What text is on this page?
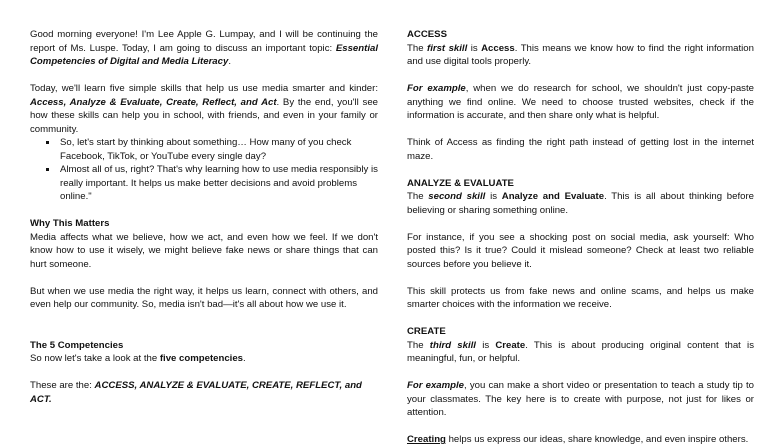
Good morning everyone! I'm Lee Apple G. Lumpay, and I will be continuing the report of Ms. Luspe. Today, I am going to discuss an important topic: Essential Competencies of Digital and Media Literacy.

Today, we'll learn five simple skills that help us use media smarter and kinder: Access, Analyze & Evaluate, Create, Reflect, and Act. By the end, you'll see how these skills can help you in school, with friends, and even in your family or community.

▪ So, let's start by thinking about something… How many of you check Facebook, TikTok, or YouTube every single day?
▪ Almost all of us, right? That's why learning how to use media responsibly is really important. It helps us make better decisions and avoid problems online."

Why This Matters

Media affects what we believe, how we act, and even how we feel. If we don't know how to use it wisely, we might believe fake news or share things that can hurt someone.

But when we use media the right way, it helps us learn, connect with others, and even help our community. So, media isn't bad—it's all about how we use it.

The 5 Competencies

So now let's take a look at the five competencies.

These are the: ACCESS, ANALYZE & EVALUATE, CREATE, REFLECT, and ACT.

ACCESS

The first skill is Access. This means we know how to find the right information and use digital tools properly.

For example, when we do research for school, we shouldn't just copy-paste anything we find online. We need to choose trusted websites, check if the information is accurate, and then share only what is helpful.

Think of Access as finding the right path instead of getting lost in the internet maze.

ANALYZE & EVALUATE

The second skill is Analyze and Evaluate. This is all about thinking before believing or sharing something online.

For instance, if you see a shocking post on social media, ask yourself: Who posted this? Is it true? Could it mislead someone? Check at least two reliable sources before you believe it.

This skill protects us from fake news and online scams, and helps us make smarter choices with the information we receive.

CREATE

The third skill is Create. This is about producing original content that is meaningful, fun, or helpful.

For example, you can make a short video or presentation to teach a study tip to your classmates. The key here is to create with purpose, not just for likes or attention.

Creating helps us express our ideas, share knowledge, and even inspire others.
